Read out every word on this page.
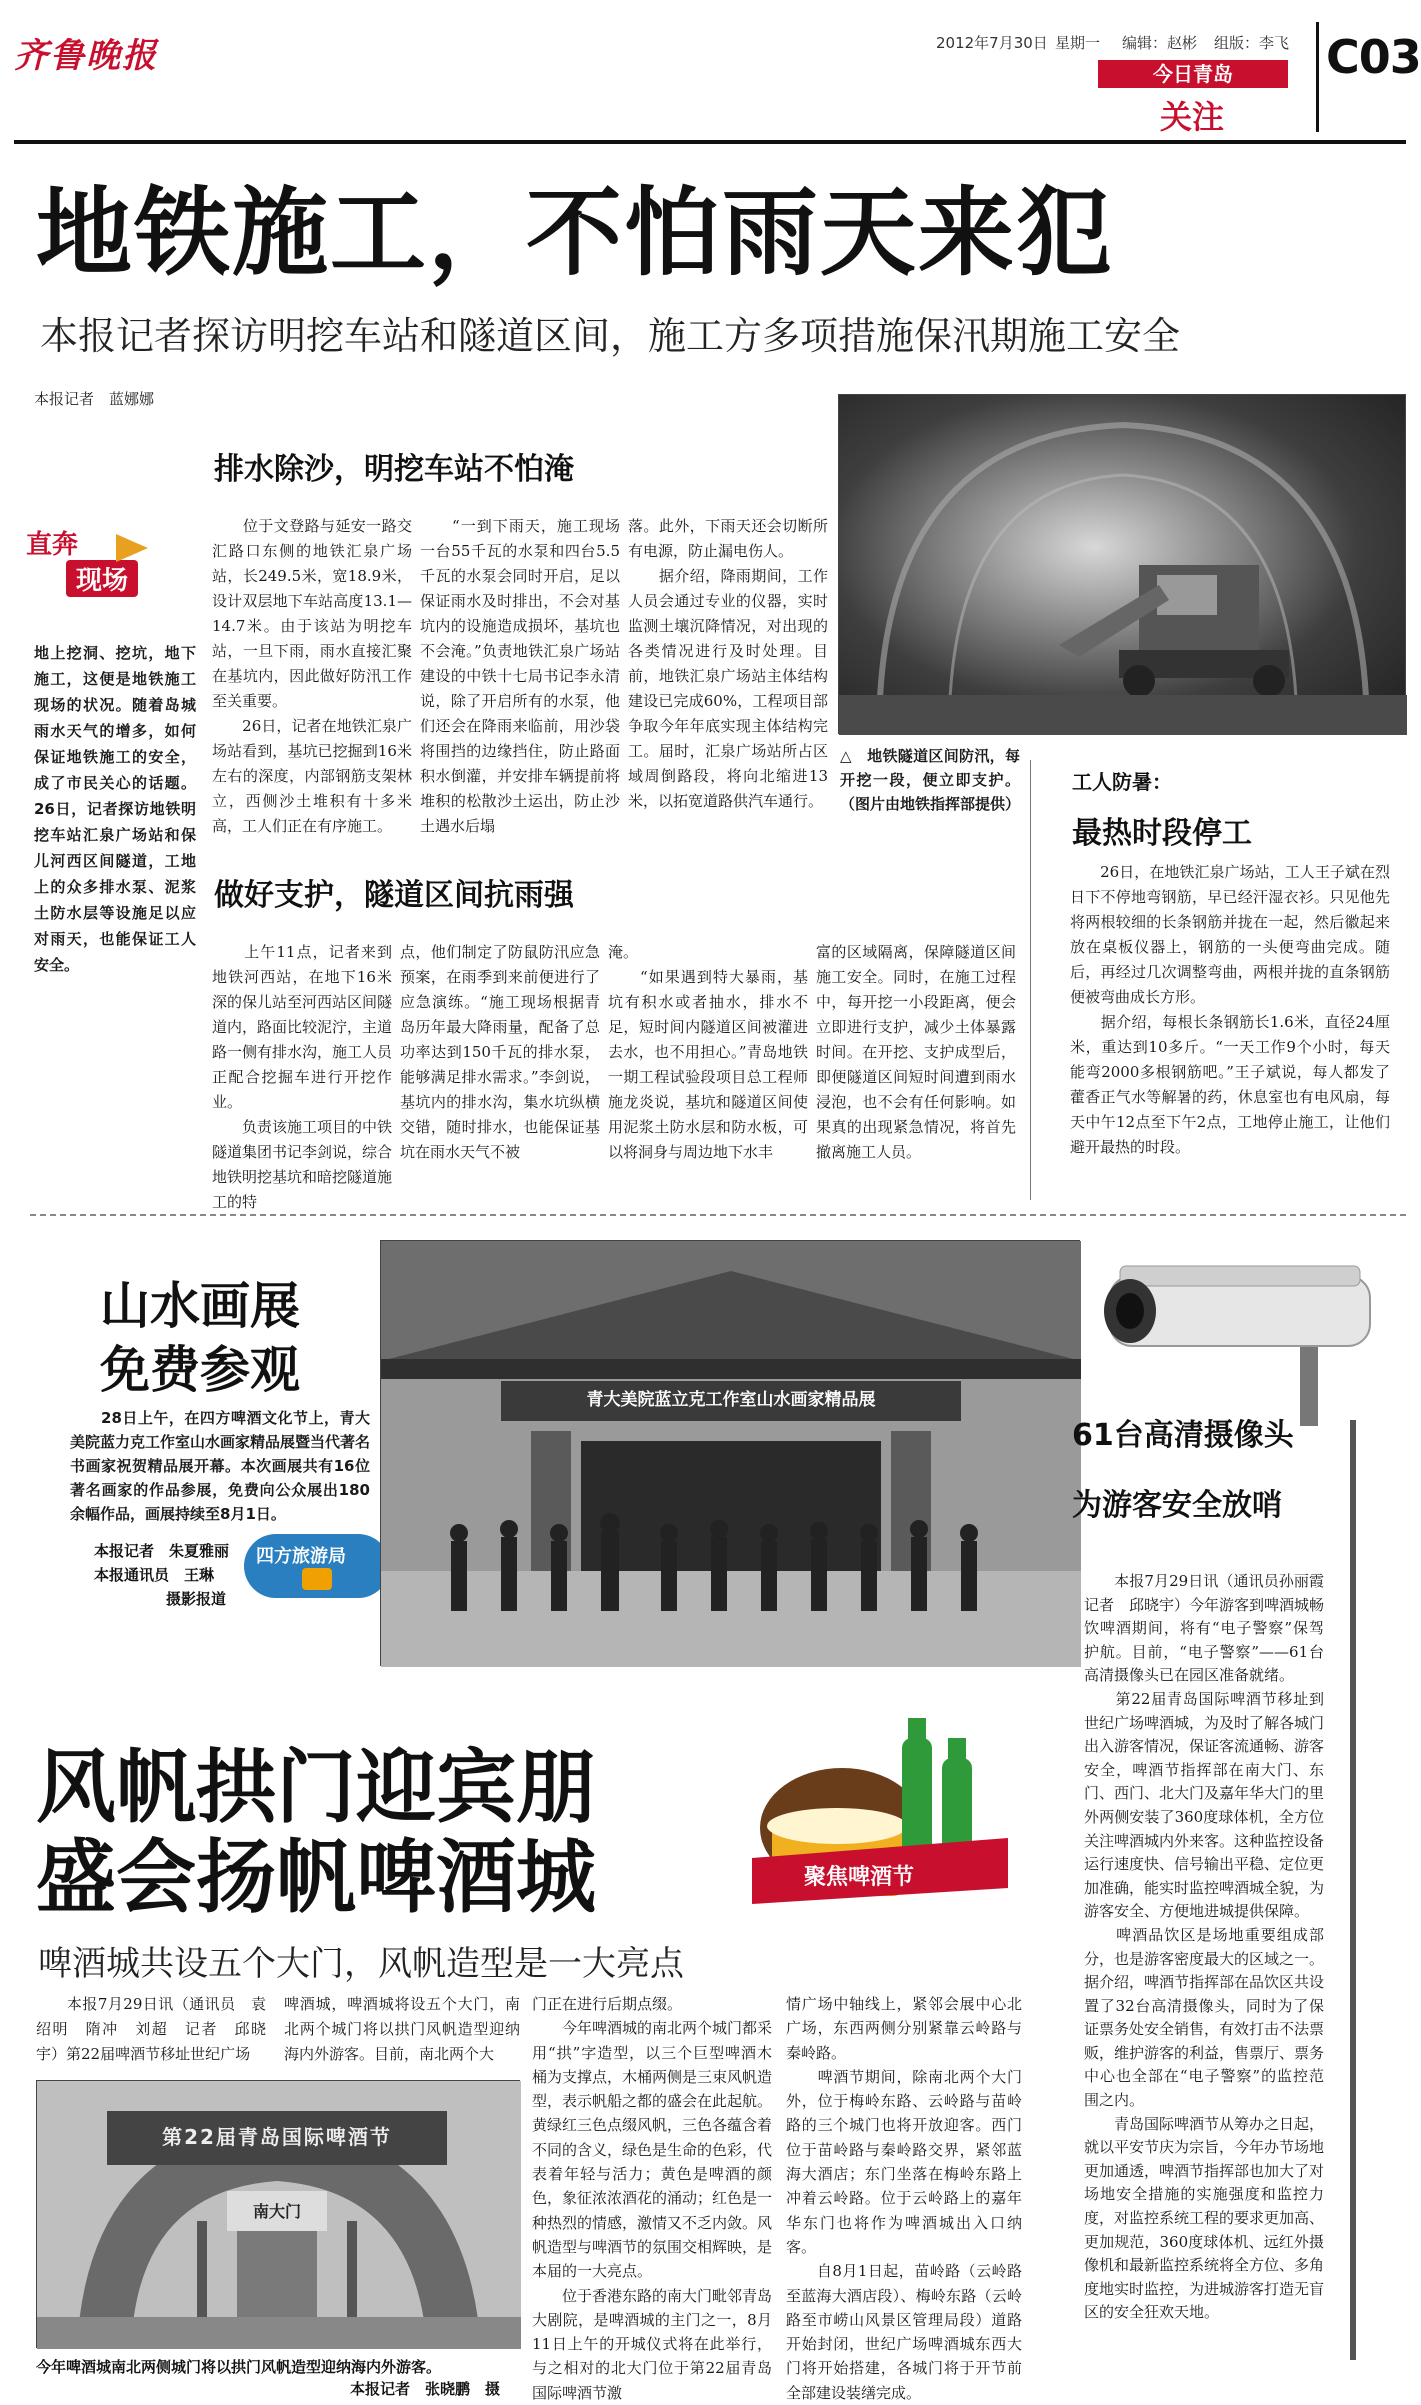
齐鲁晚报	2012年7月30日 星期一 编辑：赵彬 组版：李飞
今日青岛
关注
C03
地铁施工，不怕雨天来犯
本报记者探访明挖车站和隧道区间，施工方多项措施保汛期施工安全
本报记者　蓝娜娜
直奔
现场
地上挖洞、挖坑，地下施工，这便是地铁施工现场的状况。随着岛城雨水天气的增多，如何保证地铁施工的安全，成了市民关心的话题。26日，记者探访地铁明挖车站汇泉广场站和保儿河西区间隧道，工地上的众多排水泵、泥浆土防水层等设施足以应对雨天，也能保证工人安全。
排水除沙，明挖车站不怕淹
　　位于文登路与延安一路交汇路口东侧的地铁汇泉广场站，长249.5米，宽18.9米，设计双层地下车站高度13.1—14.7米。由于该站为明挖车站，一旦下雨，雨水直接汇聚在基坑内，因此做好防汛工作至关重要。
　　26日，记者在地铁汇泉广场站看到，基坑已挖掘到16米左右的深度，内部钢筋支架林立，西侧沙土堆积有十多米高，工人们正在有序施工。
　　“一到下雨天，施工现场一台55千瓦的水泵和四台5.5千瓦的水泵会同时开启，足以保证雨水及时排出，不会对基坑内的设施造成损坏，基坑也不会淹。”负责地铁汇泉广场站建设的中铁十七局书记李永清说，除了开启所有的水泵，他们还会在降雨来临前，用沙袋将围挡的边缘挡住，防止路面积水倒灌，并安排车辆提前将堆积的松散沙土运出，防止沙土遇水后塌
落。此外，下雨天还会切断所有电源，防止漏电伤人。
　　据介绍，降雨期间，工作人员会通过专业的仪器，实时监测土壤沉降情况，对出现的各类情况进行及时处理。目前，地铁汇泉广场站主体结构建设已完成60%，工程项目部争取今年年底实现主体结构完工。届时，汇泉广场站所占区域周倒路段，将向北缩进13米，以拓宽道路供汽车通行。
△　地铁隧道区间防汛，每开挖一段，便立即支护。（图片由地铁指挥部提供）
做好支护，隧道区间抗雨强
　　上午11点，记者来到地铁河西站，在地下16米深的保儿站至河西站区间隧道内，路面比较泥泞，主道路一侧有排水沟，施工人员正配合挖掘车进行开挖作业。
　　负责该施工项目的中铁隧道集团书记李剑说，综合地铁明挖基坑和暗挖隧道施工的特
点，他们制定了防鼠防汛应急预案，在雨季到来前便进行了应急演练。“施工现场根据青岛历年最大降雨量，配备了总功率达到150千瓦的排水泵，能够满足排水需求。”李剑说，基坑内的排水沟，集水坑纵横交错，随时排水，也能保证基坑在雨水天气不被
淹。
　　“如果遇到特大暴雨，基坑有积水或者抽水，排水不足，短时间内隧道区间被灌进去水，也不用担心。”青岛地铁一期工程试验段项目总工程师施龙炎说，基坑和隧道区间使用泥浆土防水层和防水板，可以将洞身与周边地下水丰
富的区域隔离，保障隧道区间施工安全。同时，在施工过程中，每开挖一小段距离，便会立即进行支护，减少土体暴露时间。在开挖、支护成型后，即便隧道区间短时间遭到雨水浸泡，也不会有任何影响。如果真的出现紧急情况，将首先撤离施工人员。
工人防暑：
最热时段停工
　　26日，在地铁汇泉广场站，工人王子斌在烈日下不停地弯钢筋，早已经汗湿衣衫。只见他先将两根较细的长条钢筋并拢在一起，然后徽起来放在桌板仪器上，钢筋的一头便弯曲完成。随后，再经过几次调整弯曲，两根并拢的直条钢筋便被弯曲成长方形。
　　据介绍，每根长条钢筋长1.6米，直径24厘米，重达到10多斤。“一天工作9个小时，每天能弯2000多根钢筋吧。”王子斌说，每人都发了藿香正气水等解暑的药，休息室也有电风扇，每天中午12点至下午2点，工地停止施工，让他们避开最热的时段。
山水画展
免费参观
　　28日上午，在四方啤酒文化节上，青大美院蓝力克工作室山水画家精品展暨当代著名书画家祝贺精品展开幕。本次画展共有16位著名画家的作品参展，免费向公众展出180余幅作品，画展持续至8月1日。
本报记者　朱夏雅丽
本报通讯员　王琳
摄影报道
四方旅游局
青大美院蓝立克工作室山水画家精品展
61台高清摄像头
为游客安全放哨
　　本报7月29日讯（通讯员孙丽霞　记者　邱晓宇）今年游客到啤酒城畅饮啤酒期间，将有“电子警察”保驾护航。目前，“电子警察”——61台高清摄像头已在园区准备就绪。
　　第22届青岛国际啤酒节移址到世纪广场啤酒城，为及时了解各城门出入游客情况，保证客流通畅、游客安全，啤酒节指挥部在南大门、东门、西门、北大门及嘉年华大门的里外两侧安装了360度球体机，全方位关注啤酒城内外来客。这种监控设备运行速度快、信号输出平稳、定位更加准确，能实时监控啤酒城全貌，为游客安全、方便地进城提供保障。
　　啤酒品饮区是场地重要组成部分，也是游客密度最大的区域之一。据介绍，啤酒节指挥部在品饮区共设置了32台高清摄像头，同时为了保证票务处安全销售，有效打击不法票贩，维护游客的利益，售票厅、票务中心也全部在“电子警察”的监控范围之内。
　　青岛国际啤酒节从筹办之日起，就以平安节庆为宗旨，今年办节场地更加通透，啤酒节指挥部也加大了对场地安全措施的实施强度和监控力度，对监控系统工程的要求更加高、更加规范，360度球体机、远红外摄像机和最新监控系统将全方位、多角度地实时监控，为进城游客打造无盲区的安全狂欢天地。
风帆拱门迎宾朋
盛会扬帆啤酒城
啤酒城共设五个大门，风帆造型是一大亮点
聚焦啤酒节
　　本报7月29日讯（通讯员　袁绍明　隋冲　刘超　记者　邱晓宇）第22届啤酒节移址世纪广场
啤酒城，啤酒城将设五个大门，南北两个城门将以拱门风帆造型迎纳海内外游客。目前，南北两个大
门正在进行后期点缀。
　　今年啤酒城的南北两个城门都采用“拱”字造型，以三个巨型啤酒木桶为支撑点，木桶两侧是三束风帆造型，表示帆船之都的盛会在此起航。黄绿红三色点缀风帆，三色各蕴含着不同的含义，绿色是生命的色彩，代表着年轻与活力；黄色是啤酒的颜色，象征浓浓酒花的涌动；红色是一种热烈的情感，激情又不乏内敛。风帆造型与啤酒节的氛围交相辉映，是本届的一大亮点。
　　位于香港东路的南大门毗邻青岛大剧院，是啤酒城的主门之一，8月11日上午的开城仪式将在此举行，与之相对的北大门位于第22届青岛国际啤酒节激
情广场中轴线上，紧邻会展中心北广场，东西两侧分别紧靠云岭路与秦岭路。
　　啤酒节期间，除南北两个大门外，位于梅岭东路、云岭路与苗岭路的三个城门也将开放迎客。西门位于苗岭路与秦岭路交界，紧邻蓝海大酒店；东门坐落在梅岭东路上冲着云岭路。位于云岭路上的嘉年华东门也将作为啤酒城出入口纳客。
　　自8月1日起，苗岭路（云岭路至蓝海大酒店段）、梅岭东路（云岭路至市崂山风景区管理局段）道路开始封闭，世纪广场啤酒城东西大门将开始搭建，各城门将于开节前全部建设装缮完成。
第22届青岛国际啤酒节
南大门
今年啤酒城南北两侧城门将以拱门风帆造型迎纳海内外游客。
本报记者　张晓鹏　摄
